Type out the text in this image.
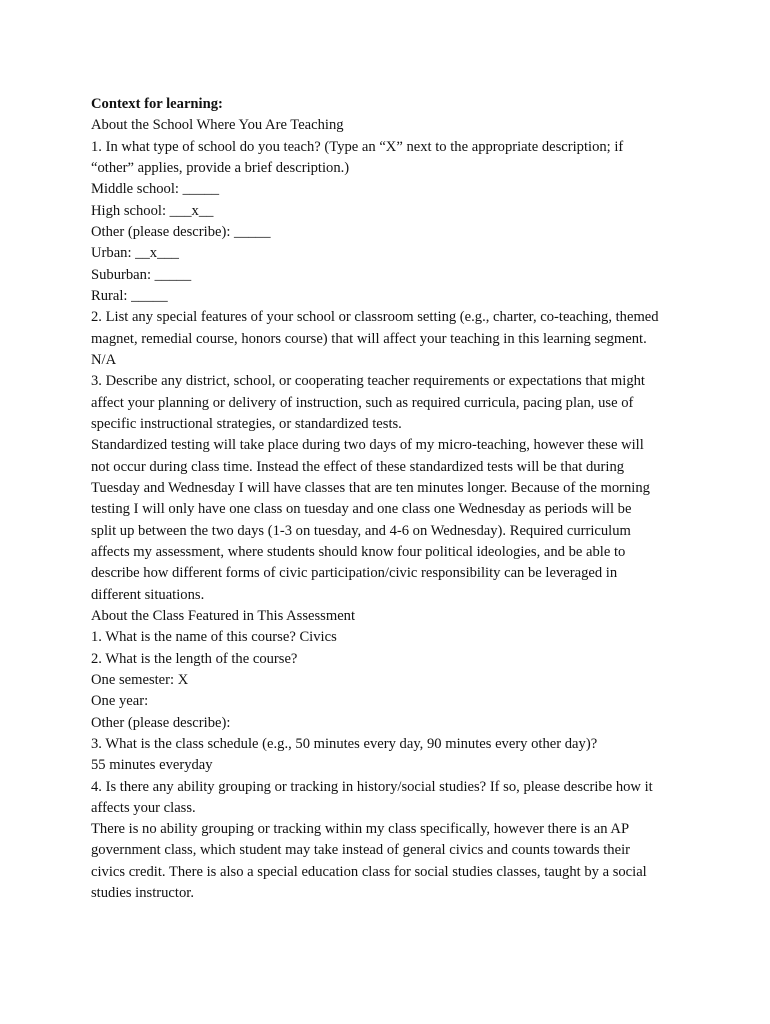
Context for learning:
About the School Where You Are Teaching
1. In what type of school do you teach? (Type an “X” next to the appropriate description; if
“other” applies, provide a brief description.)
Middle school: _____
High school: ___x__
Other (please describe): _____
Urban: __x___
Suburban: _____
Rural: _____
2. List any special features of your school or classroom setting (e.g., charter, co-teaching, themed
magnet, remedial course, honors course) that will affect your teaching in this learning segment.
N/A
3. Describe any district, school, or cooperating teacher requirements or expectations that might
affect your planning or delivery of instruction, such as required curricula, pacing plan, use of
specific instructional strategies, or standardized tests.
Standardized testing will take place during two days of my micro-teaching, however these will
not occur during class time. Instead the effect of these standardized tests will be that during
Tuesday and Wednesday I will have classes that are ten minutes longer. Because of the morning
testing I will only have one class on tuesday and one class one Wednesday as periods will be
split up between the two days (1-3 on tuesday, and 4-6 on Wednesday). Required curriculum
affects my assessment, where students should know four political ideologies, and be able to
describe how different forms of civic participation/civic responsibility can be leveraged in
different situations.
About the Class Featured in This Assessment
1. What is the name of this course? Civics
2. What is the length of the course?
One semester: X
One year:
Other (please describe):
3. What is the class schedule (e.g., 50 minutes every day, 90 minutes every other day)?
55 minutes everyday
4. Is there any ability grouping or tracking in history/social studies? If so, please describe how it
affects your class.
There is no ability grouping or tracking within my class specifically, however there is an AP
government class, which student may take instead of general civics and counts towards their
civics credit. There is also a special education class for social studies classes, taught by a social
studies instructor.
